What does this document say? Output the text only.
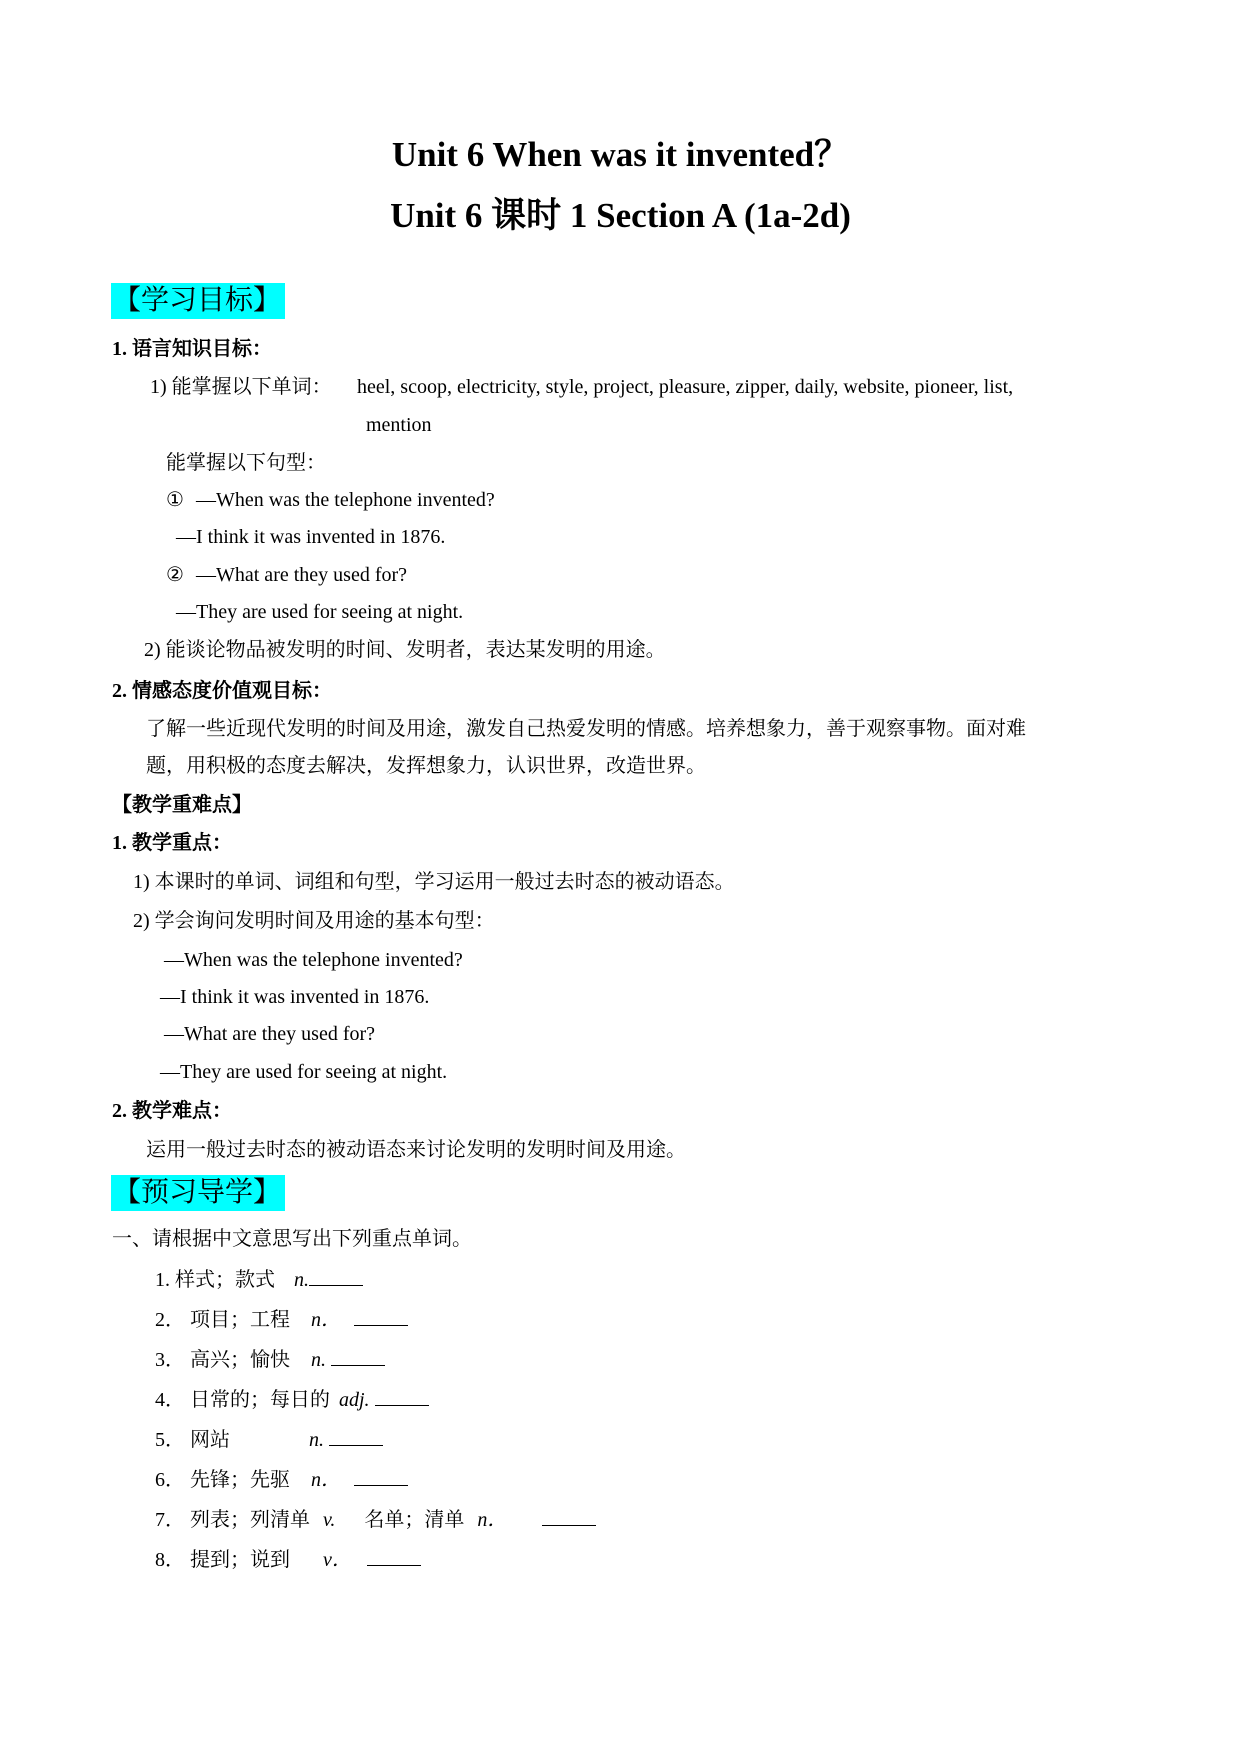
Unit 6 When was it invented？
Unit 6 课时 1 Section A (1a-2d)
【学习目标】
1. 语言知识目标：
1) 能掌握以下单词： heel, scoop, electricity, style, project, pleasure, zipper, daily, website, pioneer, list,
mention
能掌握以下句型：
① —When was the telephone invented?
—I think it was invented in 1876.
② —What are they used for?
—They are used for seeing at night.
2) 能谈论物品被发明的时间、发明者，表达某发明的用途。
2. 情感态度价值观目标：
了解一些近现代发明的时间及用途，激发自己热爱发明的情感。培养想象力，善于观察事物。面对难
题，用积极的态度去解决，发挥想象力，认识世界，改造世界。
【教学重难点】
1. 教学重点：
1) 本课时的单词、词组和句型，学习运用一般过去时态的被动语态。
2) 学会询问发明时间及用途的基本句型：
—When was the telephone invented?
—I think it was invented in 1876.
—What are they used for?
—They are used for seeing at night.
2. 教学难点：
运用一般过去时态的被动语态来讨论发明的发明时间及用途。
【预习导学】
一、请根据中文意思写出下列重点单词。
1. 样式；款式 n.
2． 项目；工程 n．
3． 高兴；愉快 n.
4． 日常的；每日的 adj.
5． 网站	n.
6． 先锋；先驱 n．
7． 列表；列清单 v. 名单；清单 n．
8． 提到；说到 v．
